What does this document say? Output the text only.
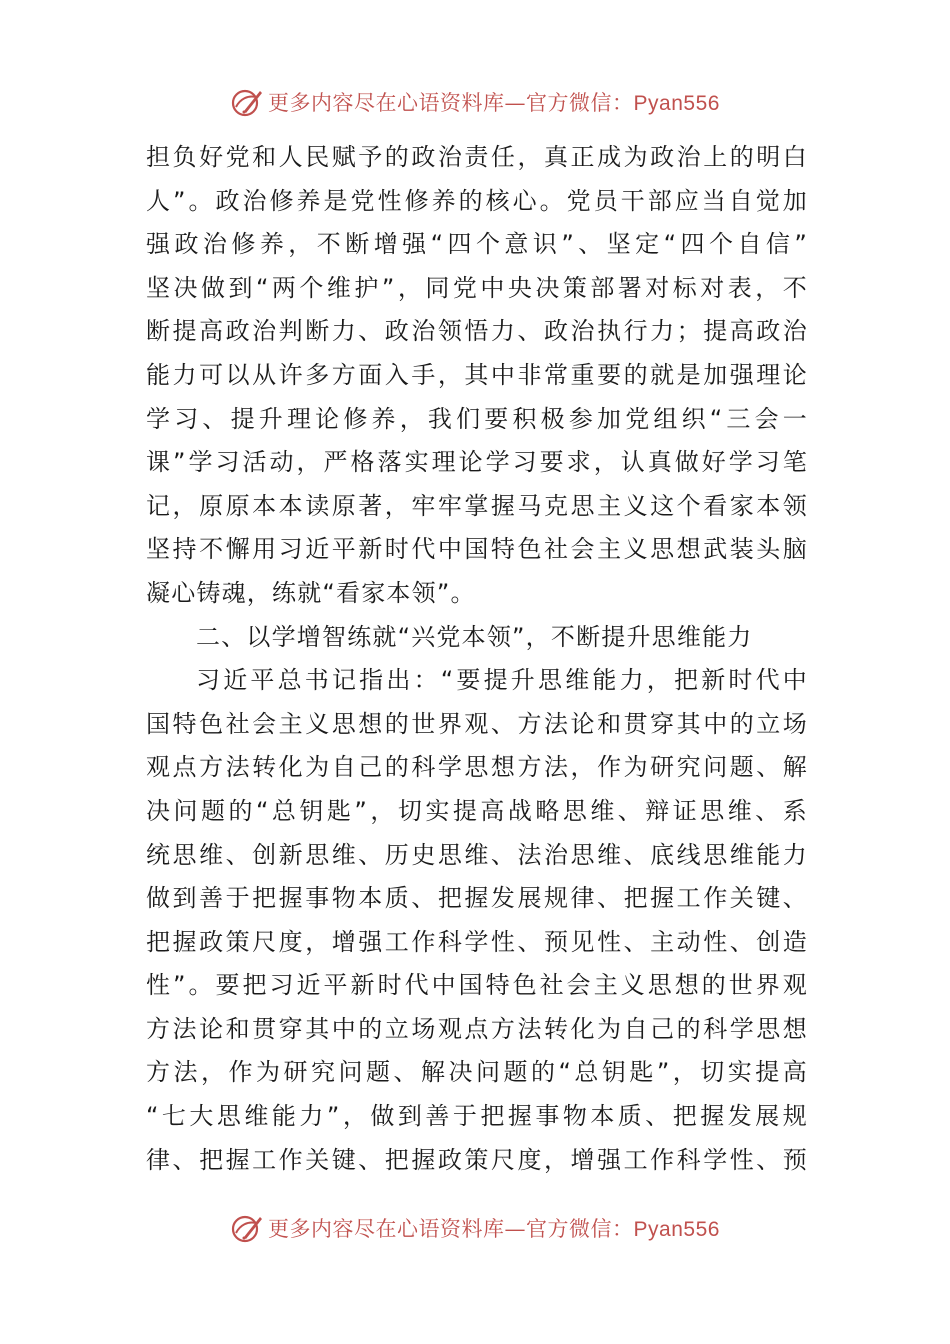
更多内容尽在心语资料库—官方微信：Pyan556
担负好党和人民赋予的政治责任，真正成为政治上的明白
人”。政治修养是党性修养的核心。党员干部应当自觉加
强政治修养，不断增强“四个意识”、坚定“四个自信”
坚决做到“两个维护”，同党中央决策部署对标对表，不
断提高政治判断力、政治领悟力、政治执行力；提高政治
能力可以从许多方面入手，其中非常重要的就是加强理论
学习、提升理论修养，我们要积极参加党组织“三会一
课”学习活动，严格落实理论学习要求，认真做好学习笔
记，原原本本读原著，牢牢掌握马克思主义这个看家本领
坚持不懈用习近平新时代中国特色社会主义思想武装头脑
凝心铸魂，练就“看家本领”。
二、以学增智练就“兴党本领”，不断提升思维能力
习近平总书记指出：“要提升思维能力，把新时代中
国特色社会主义思想的世界观、方法论和贯穿其中的立场
观点方法转化为自己的科学思想方法，作为研究问题、解
决问题的“总钥匙”，切实提高战略思维、辩证思维、系
统思维、创新思维、历史思维、法治思维、底线思维能力
做到善于把握事物本质、把握发展规律、把握工作关键、
把握政策尺度，增强工作科学性、预见性、主动性、创造
性”。要把习近平新时代中国特色社会主义思想的世界观
方法论和贯穿其中的立场观点方法转化为自己的科学思想
方法，作为研究问题、解决问题的“总钥匙”，切实提高
“七大思维能力”，做到善于把握事物本质、把握发展规
律、把握工作关键、把握政策尺度，增强工作科学性、预
更多内容尽在心语资料库—官方微信：Pyan556
